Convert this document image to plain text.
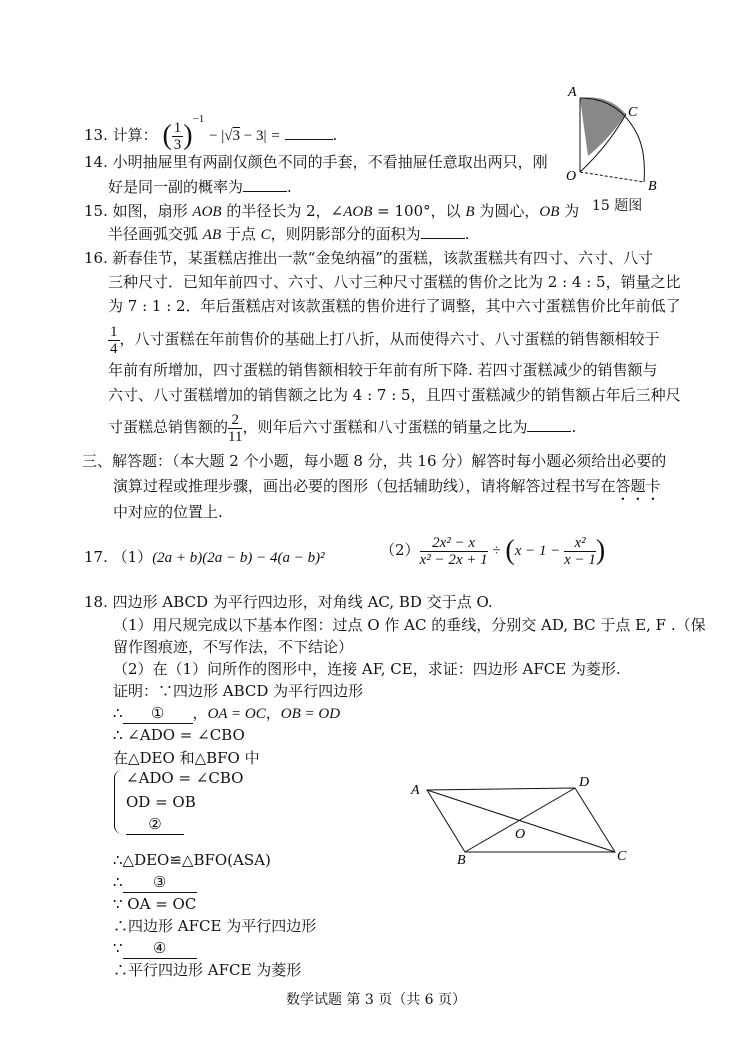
13. 计算： ( $\frac{1}{3} )^{-1} - |√3 - 3|$ =	.
A
C
O
B
15 题图
14. 小明抽屉里有两副仅颜色不同的手套，不看抽屉任意取出两只，刚
好是同一副的概率为	.
15. 如图，扇形 AOB 的半径长为 2，∠AOB = 100°，以 B 为圆心，OB 为
半径画弧交弧 AB 于点 C，则阴影部分的面积为	.
16. 新春佳节，某蛋糕店推出一款“金兔纳福”的蛋糕，该款蛋糕共有四寸、六寸、八寸
三种尺寸．已知年前四寸、六寸、八寸三种尺寸蛋糕的售价之比为 2 : 4 : 5，销量之比
为 7 : 1 : 2．年后蛋糕店对该款蛋糕的售价进行了调整，其中六寸蛋糕售价比年前低了
$\frac{1}{4}$ ，八寸蛋糕在年前售价的基础上打八折，从而使得六寸、八寸蛋糕的销售额相较于
年前有所增加，四寸蛋糕的销售额相较于年前有所下降. 若四寸蛋糕减少的销售额与
六寸、八寸蛋糕增加的销售额之比为 4 : 7 : 5，且四寸蛋糕减少的销售额占年后三种尺
寸蛋糕总销售额的 $\frac{2}{11}$ ，则年后六寸蛋糕和八寸蛋糕的销量之比为	.
三、解答题：（本大题 2 个小题，每小题 8 分，共 16 分）解答时每小题必须给出必要的
演算过程或推理步骤，画出必要的图形（包括辅助线），请将解答过程书写在答题卡
中对应的位置上.
17. （1）(2a + b)(2a − b) − 4(a − b)²	$(2) \frac{\text{2x² − x}}{\text{x² − 2x + 1}} \div (x - 1 - \frac{\text{x²}}{x - 1}$ )
18. 四边形 ABCD 为平行四边形，对角线 AC, BD 交于点 O.
（1）用尺规完成以下基本作图：过点 O 作 AC 的垂线，分别交 AD, BC 于点 E, F .（保
留作图痕迹，不写作法，不下结论）
（2）在（1）问所作的图形中，连接 AF, CE，求证：四边形 AFCE 为菱形.
证明：∵四边形 ABCD 为平行四边形
∴ ① ，OA = OC，OB = OD
∴ ∠ADO = ∠CBO
在△DEO 和△BFO 中
∠ADO = ∠CBO
OD = OB
②
∴△DEO≌△BFO(ASA)
∴ ③
∵ OA = OC
∴四边形 AFCE 为平行四边形
∵ ④
∴平行四边形 AFCE 为菱形
A
D
O
B	C
数学试题 第 3 页（共 6 页）
